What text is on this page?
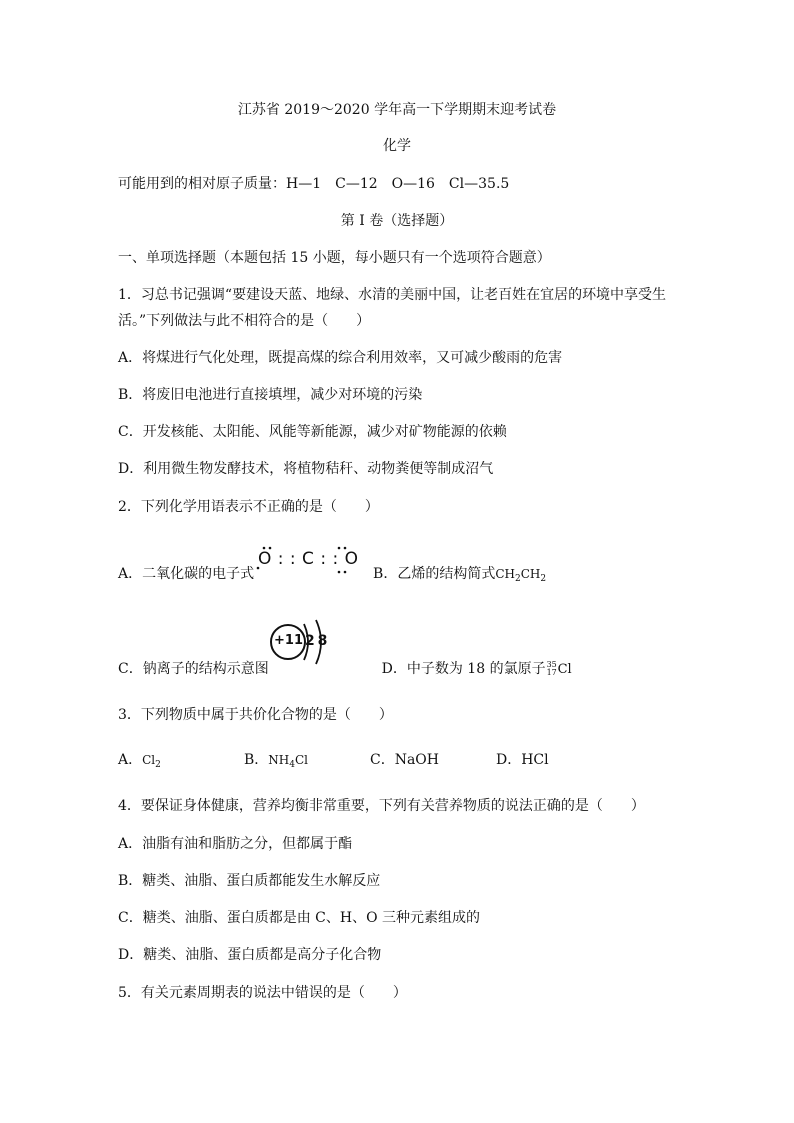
江苏省 2019～2020 学年高一下学期期末迎考试卷
化学
可能用到的相对原子质量：H—1　C—12　O—16　Cl—35.5
第 I 卷（选择题）
一、单项选择题（本题包括 15 小题，每小题只有一个选项符合题意）
1．习总书记强调“要建设天蓝、地绿、水清的美丽中国，让老百姓在宜居的环境中享受生
活。”下列做法与此不相符合的是（　　）
A．将煤进行气化处理，既提高煤的综合利用效率，又可减少酸雨的危害
B．将废旧电池进行直接填埋，减少对环境的污染
C．开发核能、太阳能、风能等新能源，减少对矿物能源的依赖
D．利用微生物发酵技术，将植物秸秆、动物粪便等制成沼气
2．下列化学用语表示不正确的是（　　）
A．二氧化碳的电子式	B．乙烯的结构简式$CH_2CH_2$
O : : C : : O
+11 2 8
C．钠离子的结构示意图	D．中子数为 18 的氯原子 35
17 Cl
3．下列物质中属于共价化合物的是（　　）
A．$Cl_2$	B．$NH_4Cl$	C．NaOH	D．HCl
4．要保证身体健康，营养均衡非常重要，下列有关营养物质的说法正确的是（　　）
A．油脂有油和脂肪之分，但都属于酯
B．糖类、油脂、蛋白质都能发生水解反应
C．糖类、油脂、蛋白质都是由 C、H、O 三种元素组成的
D．糖类、油脂、蛋白质都是高分子化合物
5．有关元素周期表的说法中错误的是（　　）
